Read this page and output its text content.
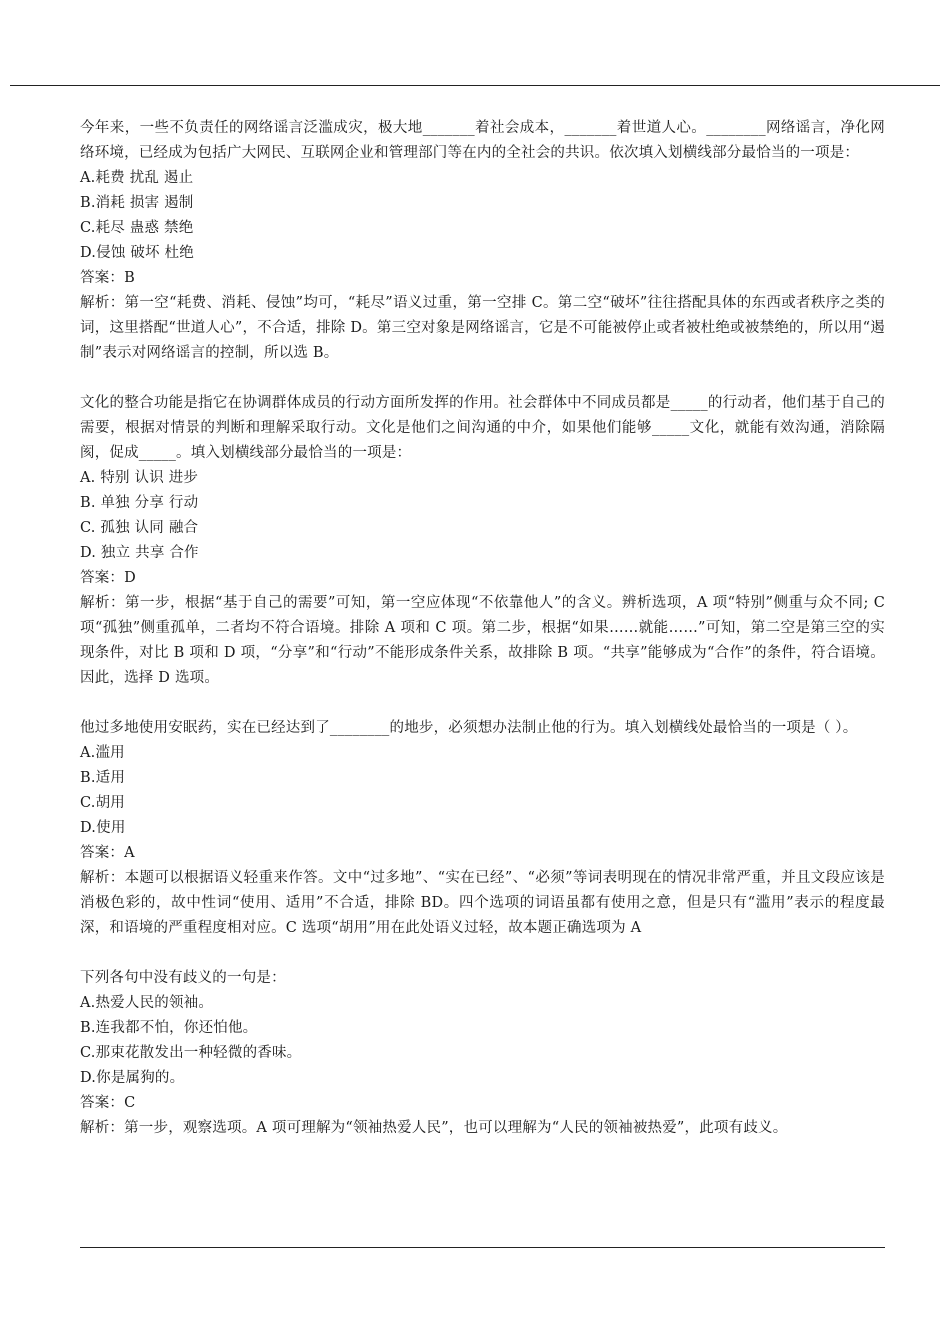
今年来，一些不负责任的网络谣言泛滥成灾，极大地_______着社会成本，_______着世道人心。________网络谣言，净化网络环境，已经成为包括广大网民、互联网企业和管理部门等在内的全社会的共识。依次填入划横线部分最恰当的一项是：

A.耗费 扰乱 遏止

B.消耗 损害 遏制

C.耗尽 蛊惑 禁绝

D.侵蚀 破坏 杜绝

答案：B

解析：第一空“耗费、消耗、侵蚀”均可，“耗尽”语义过重，第一空排 C。第二空“破坏”往往搭配具体的东西或者秩序之类的词，这里搭配“世道人心”，不合适，排除 D。第三空对象是网络谣言，它是不可能被停止或者被杜绝或被禁绝的，所以用“遏制”表示对网络谣言的控制，所以选 B。

文化的整合功能是指它在协调群体成员的行动方面所发挥的作用。社会群体中不同成员都是_____的行动者，他们基于自己的需要，根据对情景的判断和理解采取行动。文化是他们之间沟通的中介，如果他们能够_____文化，就能有效沟通，消除隔阂，促成_____。填入划横线部分最恰当的一项是：

A. 特别 认识 进步

B. 单独 分享 行动

C. 孤独 认同 融合

D. 独立 共享 合作

答案：D

解析：第一步，根据“基于自己的需要”可知，第一空应体现“不依靠他人”的含义。辨析选项，A 项“特别”侧重与众不同; C 项“孤独”侧重孤单，二者均不符合语境。排除 A 项和 C 项。第二步，根据“如果……就能……”可知，第二空是第三空的实现条件，对比 B 项和 D 项，“分享”和“行动”不能形成条件关系，故排除 B 项。“共享”能够成为“合作”的条件，符合语境。因此，选择 D 选项。

他过多地使用安眠药，实在已经达到了________的地步，必须想办法制止他的行为。填入划横线处最恰当的一项是（ ）。

A.滥用

B.适用

C.胡用

D.使用

答案：A

解析：本题可以根据语义轻重来作答。文中“过多地”、“实在已经”、“必须”等词表明现在的情况非常严重，并且文段应该是消极色彩的，故中性词“使用、适用”不合适，排除 BD。四个选项的词语虽都有使用之意，但是只有“滥用”表示的程度最深，和语境的严重程度相对应。C 选项“胡用”用在此处语义过轻，故本题正确选项为 A

下列各句中没有歧义的一句是：

A.热爱人民的领袖。

B.连我都不怕，你还怕他。

C.那束花散发出一种轻微的香味。

D.你是属狗的。

答案：C

解析：第一步，观察选项。A 项可理解为“领袖热爱人民”，也可以理解为“人民的领袖被热爱”，此项有歧义。
